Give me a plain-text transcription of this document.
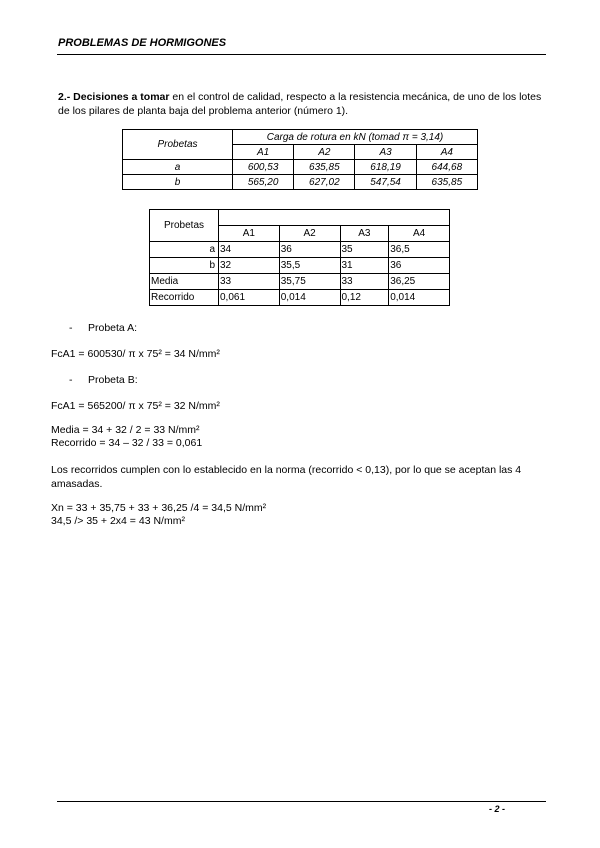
PROBLEMAS DE HORMIGONES
2.- Decisiones a tomar en el control de calidad, respecto a la resistencia mecánica, de uno de los lotes de los pilares de planta baja del problema anterior (número 1).
Probetas	Carga de rotura en kN (tomad π = 3,14)			
	A1	A2	A3	A4
a	600,53	635,85	618,19	644,68
b	565,20	627,02	547,54	635,85
Probetas				
	A1	A2	A3	A4
a	34	36	35	36,5
b	32	35,5	31	36
Media	33	35,75	33	36,25
Recorrido	0,061	0,014	0,12	0,014
- Probeta A:
FcA1 = 600530/ π x 75² = 34 N/mm²
- Probeta B:
FcA1 = 565200/ π x 75² = 32 N/mm²
Media = 34 + 32 / 2 = 33 N/mm²
Recorrido = 34 – 32 / 33 = 0,061
Los recorridos cumplen con lo establecido en la norma (recorrido < 0,13), por lo que se aceptan las 4 amasadas.
Xn = 33 + 35,75 + 33 + 36,25 /4 = 34,5 N/mm²
34,5 /> 35 + 2x4 = 43 N/mm²
- 2 -
